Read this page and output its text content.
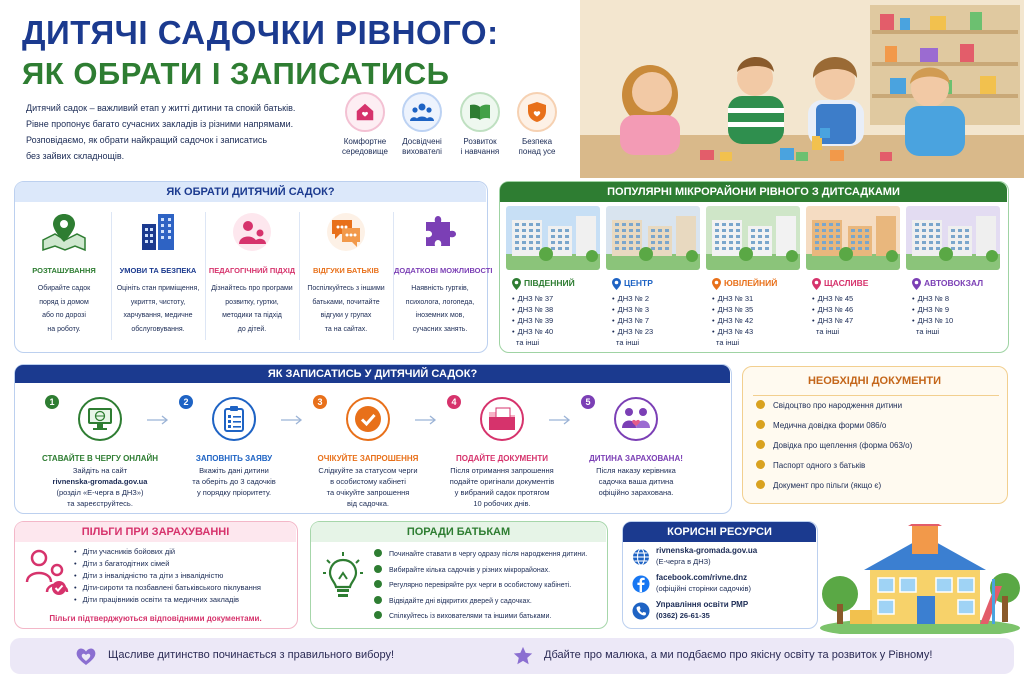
ДИТЯЧІ САДОЧКИ РІВНОГО:
ЯК ОБРАТИ І ЗАПИСАТИСЬ
Дитячий садок – важливий етап у житті дитини та спокій батьків.
Рівне пропонує багато сучасних закладів із різними напрямами.
Розповідаємо, як обрати найкращий садочок і записатись
без зайвих складнощів.
Комфортне
середовище
Досвідчені
вихователі
Розвиток
і навчання
Безпека
понад усе
ЯК ОБРАТИ ДИТЯЧИЙ САДОК?	ПОПУЛЯРНІ МІКРОРАЙОНИ РІВНОГО З ДИТСАДКАМИ
ЯК ЗАПИСАТИСЬ У ДИТЯЧИЙ САДОК?
НЕОБХІДНІ ДОКУМЕНТИ
ПІЛЬГИ ПРИ ЗАРАХУВАННІ
Пільги підтверджуються відповідними документами.
ПОРАДИ БАТЬКАМ	КОРИСНІ РЕСУРСИ
Щасливе дитинство починається з правильного вибору!	Дбайте про малюка, а ми подбаємо про якісну освіту та розвиток у Рівному!
РОЗТАШУВАННЯ
Обирайте садок
поряд із домом
або по дорозі
на роботу.
УМОВИ ТА БЕЗПЕКА
Оцініть стан приміщення,
укриття, чистоту,
харчування, медичне
обслуговування.
ПЕДАГОГІЧНИЙ ПІДХІД
Дізнайтесь про програми
розвитку, гуртки,
методики та підхід
до дітей.
ВІДГУКИ БАТЬКІВ
Поспілкуйтесь з іншими
батьками, почитайте
відгуки у групах
та на сайтах.
ДОДАТКОВІ МОЖЛИВОСТІ
Наявність гуртків,
психолога, логопеда,
іноземних мов,
сучасних занять.
ПІВДЕННИЙ
• ДНЗ № 37
• ДНЗ № 38
• ДНЗ № 39
• ДНЗ № 40
та інші
ЦЕНТР
• ДНЗ № 2
• ДНЗ № 3
• ДНЗ № 7
• ДНЗ № 23
та інші
ЮВІЛЕЙНИЙ
• ДНЗ № 31
• ДНЗ № 35
• ДНЗ № 42
• ДНЗ № 43
та інші
ЩАСЛИВЕ
• ДНЗ № 45
• ДНЗ № 46
• ДНЗ № 47
та інші
АВТОВОКЗАЛ
• ДНЗ № 8
• ДНЗ № 9
• ДНЗ № 10
та інші
1
СТАВАЙТЕ В ЧЕРГУ ОНЛАЙН
Зайдіть на сайт
rivnenska-gromada.gov.ua
(розділ «Е-черга в ДНЗ»)
та зареєструйтесь.
2
ЗАПОВНІТЬ ЗАЯВУ
Вкажіть дані дитини
та оберіть до 3 садочків
у порядку пріоритету.
3
ОЧІКУЙТЕ ЗАПРОШЕННЯ
Слідкуйте за статусом черги
в особистому кабінеті
та очікуйте запрошення
від садочка.
4
ПОДАЙТЕ ДОКУМЕНТИ
Після отримання запрошення
подайте оригінали документів
у вибраний садок протягом
10 робочих днів.
5
ДИТИНА ЗАРАХОВАНА!
Після наказу керівника
садочка ваша дитина
офіційно зарахована.
Свідоцтво про народження дитини
Медична довідка форми 086/о
Довідка про щеплення (форма 063/о)
Паспорт одного з батьків
Документ про пільги (якщо є)
• Діти учасників бойових дій
• Діти з багатодітних сімей
• Діти з інвалідністю та діти з інвалідністю
• Діти-сироти та позбавлені батьківського піклування
• Діти працівників освіти та медичних закладів
Починайте ставати в чергу одразу після народження дитини.
Вибирайте кілька садочків у різних мікрорайонах.
Регулярно перевіряйте рух черги в особистому кабінеті.
Відвідайте дні відкритих дверей у садочках.
Спілкуйтесь із вихователями та іншими батьками.
rivnenska-gromada.gov.ua
(Е-черга в ДНЗ)
facebook.com/rivne.dnz
(офіційні сторінки садочків)
Управління освіти РМР
(0362) 26-61-35
